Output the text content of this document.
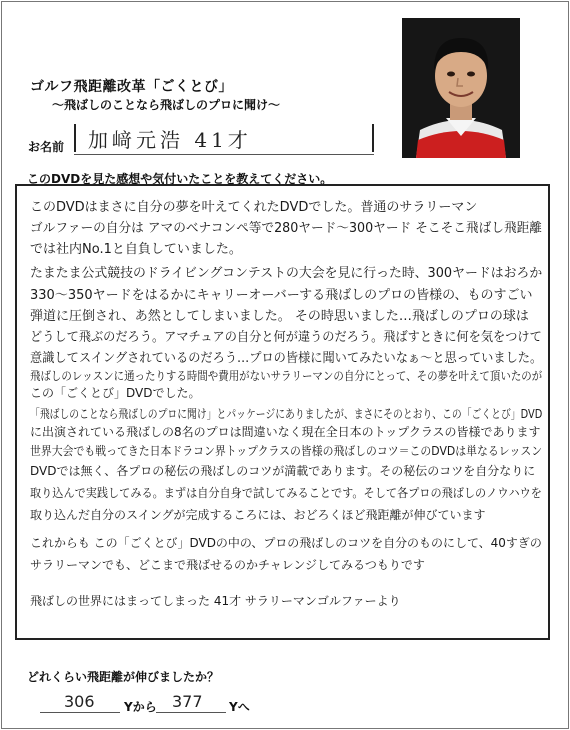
ゴルフ飛距離改革「ごくとび」
～飛ばしのことなら飛ばしのプロに聞け～
お名前 加﨑元浩 41才
このDVDを見た感想や気付いたことを教えてください。
このDVDはまさに自分の夢を叶えてくれたDVDでした。普通のサラリーマン
ゴルファーの自分は アマのベナコンペ等で280ヤード～300ヤード そこそこ飛ばし飛距離
では社内No.1と自負していました。
たまたま公式競技のドライビングコンテストの大会を見に行った時、300ヤードはおろか
330～350ヤードをはるかにキャリーオーバーする飛ばしのプロの皆様の、ものすごい
弾道に圧倒され、あ然としてしまいました。 その時思いました…飛ばしのプロの球は
どうして飛ぶのだろう。アマチュアの自分と何が違うのだろう。飛ばすときに何を気をつけて
意識してスイングされているのだろう…プロの皆様に聞いてみたいなぁ～と思っていました。
飛ばしのレッスンに通ったりする時間や費用がないサラリーマンの自分にとって、その夢を叶えて頂いたのが
この「ごくとび」DVDでした。
「飛ばしのことなら飛ばしのプロに聞け」とパッケージにありましたが、まさにそのとおり、この「ごくとび」DVD
に出演されている飛ばしの8名のプロは間違いなく現在全日本のトップクラスの皆様であります
世界大会でも戦ってきた日本ドラコン界トップクラスの皆様の飛ばしのコツ＝このDVDは単なるレッスン
DVDでは無く、各プロの秘伝の飛ばしのコツが満載であります。その秘伝のコツを自分なりに
取り込んで実践してみる。まずは自分自身で試してみることです。そして各プロの飛ばしのノウハウを
取り込んだ自分のスイングが完成するころには、おどろくほど飛距離が伸びています
これからも この「ごくとび」DVDの中の、プロの飛ばしのコツを自分のものにして、40すぎの
サラリーマンでも、どこまで飛ばせるのかチャレンジしてみるつもりです
飛ばしの世界にはまってしまった 41才 サラリーマンゴルファーより
どれくらい飛距離が伸びましたか？
306 Yから 377 Yへ
